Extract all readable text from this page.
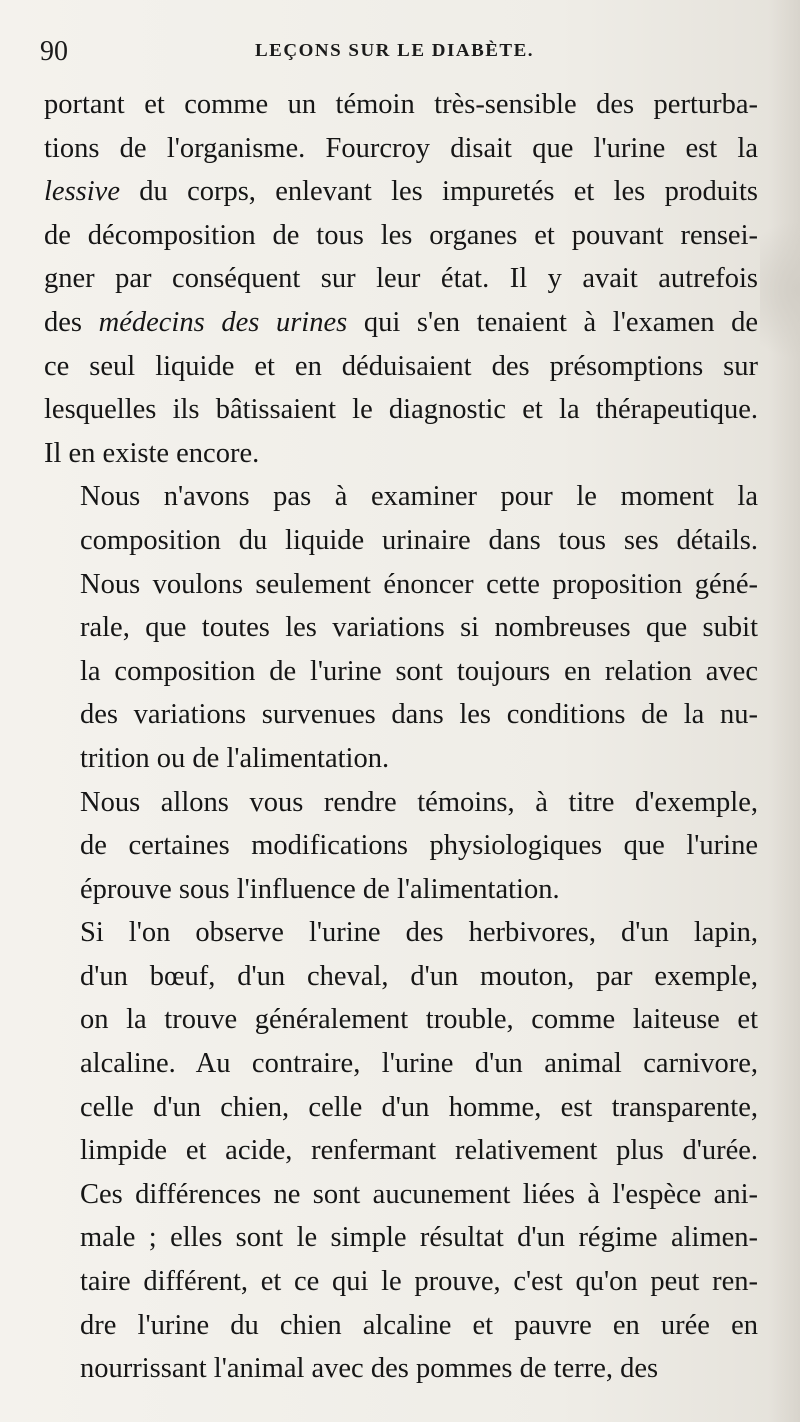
90	LEÇONS SUR LE DIABÈTE.
portant et comme un témoin très-sensible des perturba-
tions de l'organisme. Fourcroy disait que l'urine est la
lessive du corps, enlevant les impuretés et les produits
de décomposition de tous les organes et pouvant rensei-
gner par conséquent sur leur état. Il y avait autrefois
des médecins des urines qui s'en tenaient à l'examen de
ce seul liquide et en déduisaient des présomptions sur
lesquelles ils bâtissaient le diagnostic et la thérapeutique.
Il en existe encore.
Nous n'avons pas à examiner pour le moment la
composition du liquide urinaire dans tous ses détails.
Nous voulons seulement énoncer cette proposition géné-
rale, que toutes les variations si nombreuses que subit
la composition de l'urine sont toujours en relation avec
des variations survenues dans les conditions de la nu-
trition ou de l'alimentation.
Nous allons vous rendre témoins, à titre d'exemple,
de certaines modifications physiologiques que l'urine
éprouve sous l'influence de l'alimentation.
Si l'on observe l'urine des herbivores, d'un lapin,
d'un bœuf, d'un cheval, d'un mouton, par exemple,
on la trouve généralement trouble, comme laiteuse et
alcaline. Au contraire, l'urine d'un animal carnivore,
celle d'un chien, celle d'un homme, est transparente,
limpide et acide, renfermant relativement plus d'urée.
Ces différences ne sont aucunement liées à l'espèce ani-
male ; elles sont le simple résultat d'un régime alimen-
taire différent, et ce qui le prouve, c'est qu'on peut ren-
dre l'urine du chien alcaline et pauvre en urée en
nourrissant l'animal avec des pommes de terre, des
